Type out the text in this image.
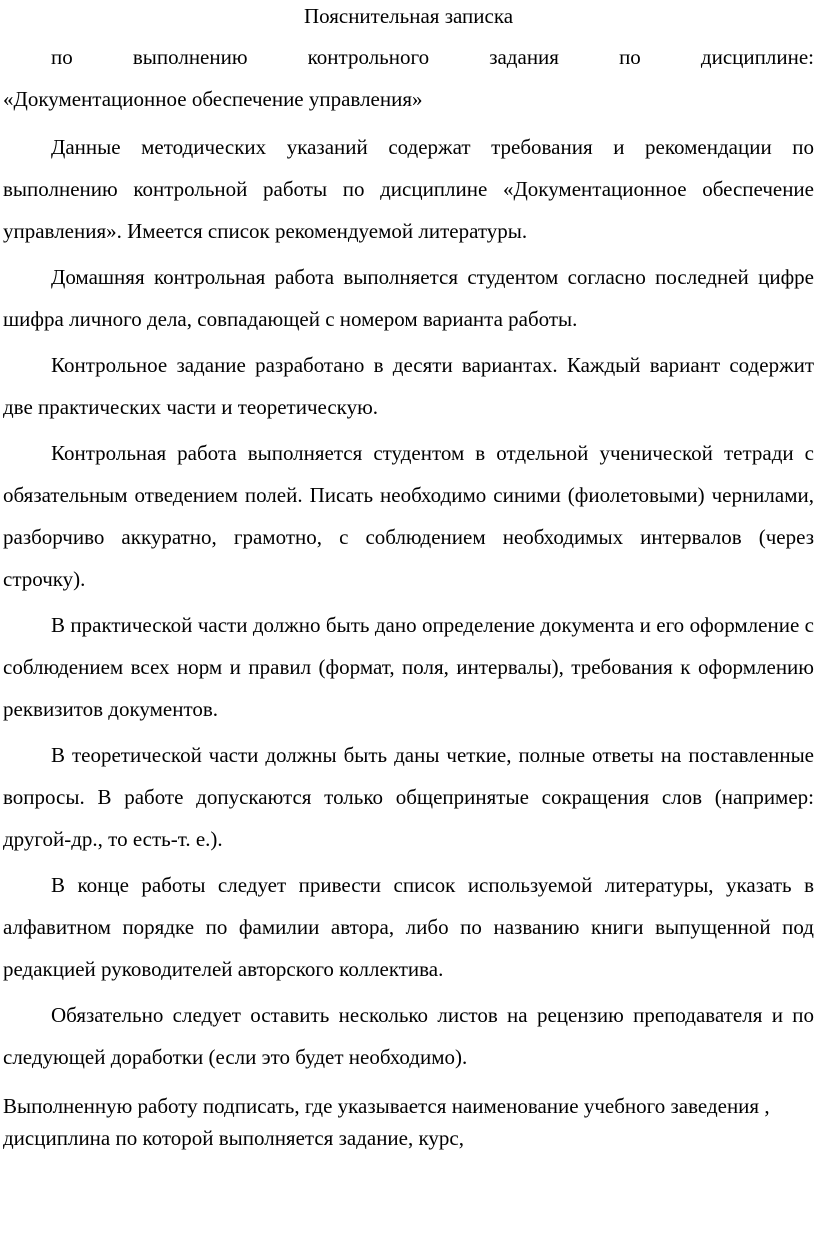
Пояснительная записка

по выполнению контрольного задания по дисциплине:

«Документационное обеспечение управления»

Данные методических указаний содержат требования и рекомендации по выполнению контрольной работы по дисциплине «Документационное обеспечение управления». Имеется список рекомендуемой литературы.

Домашняя контрольная работа выполняется студентом согласно последней цифре шифра личного дела, совпадающей с номером варианта работы.

Контрольное задание разработано в десяти вариантах. Каждый вариант содержит две практических части и теоретическую.

Контрольная работа выполняется студентом в отдельной ученической тетради с обязательным отведением полей. Писать необходимо синими (фиолетовыми) чернилами, разборчиво аккуратно, грамотно, с соблюдением необходимых интервалов (через строчку).

В практической части должно быть дано определение документа и его оформление с соблюдением всех норм и правил (формат, поля, интервалы), требования к оформлению реквизитов документов.

В теоретической части должны быть даны четкие, полные ответы на поставленные вопросы. В работе допускаются только общепринятые сокращения слов (например: другой-др., то есть-т. е.).

В конце работы следует привести список используемой литературы, указать в алфавитном порядке по фамилии автора, либо по названию книги выпущенной под редакцией руководителей авторского коллектива.

Обязательно следует оставить несколько листов на рецензию преподавателя и по следующей доработки (если это будет необходимо).

Выполненную работу подписать, где указывается наименование учебного заведения , дисциплина по которой выполняется задание, курс,
